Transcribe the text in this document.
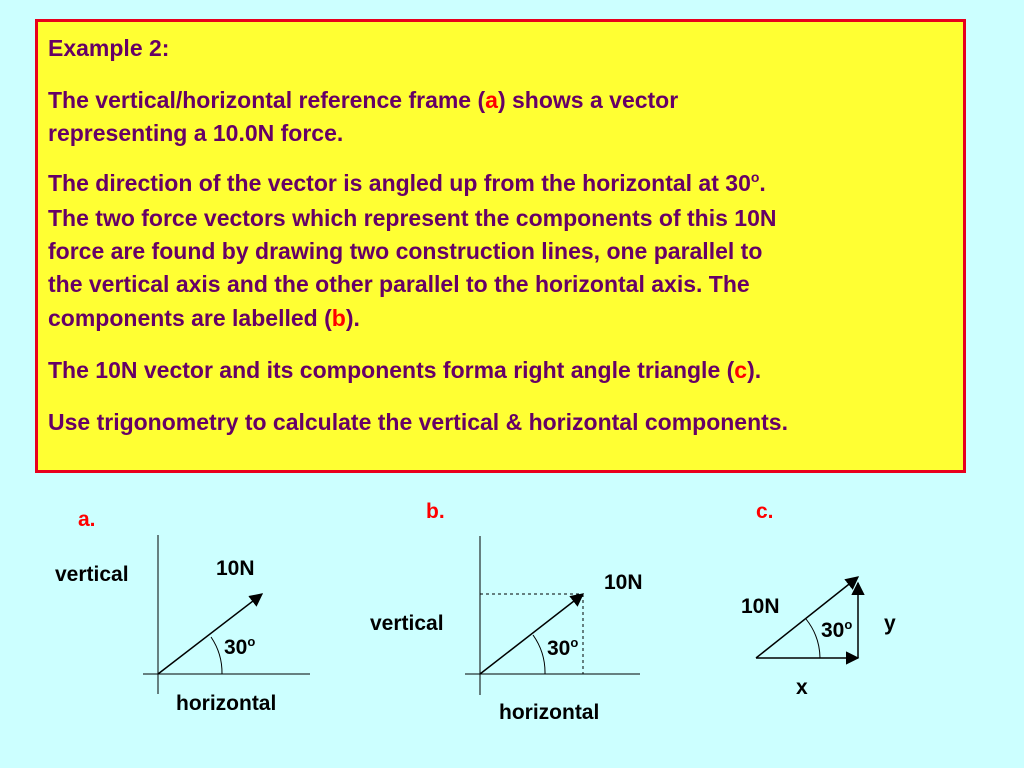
Example 2:

The vertical/horizontal reference frame (a) shows a vector

representing a 10.0N force.

The direction of the vector is angled up from the horizontal at 30$^o$.

The two force vectors which represent the components of this 10N

force are found by drawing two construction lines, one parallel to

the vertical axis and the other parallel to the horizontal axis. The

components are labelled (b).

The 10N vector and its components forma right angle triangle (c).

Use trigonometry to calculate the vertical & horizontal components.

a.
vertical	10N
30$^o$
horizontal
b.
vertical
10N
30$^o$
horizontal
c.
10N
30$^o$ y
x
